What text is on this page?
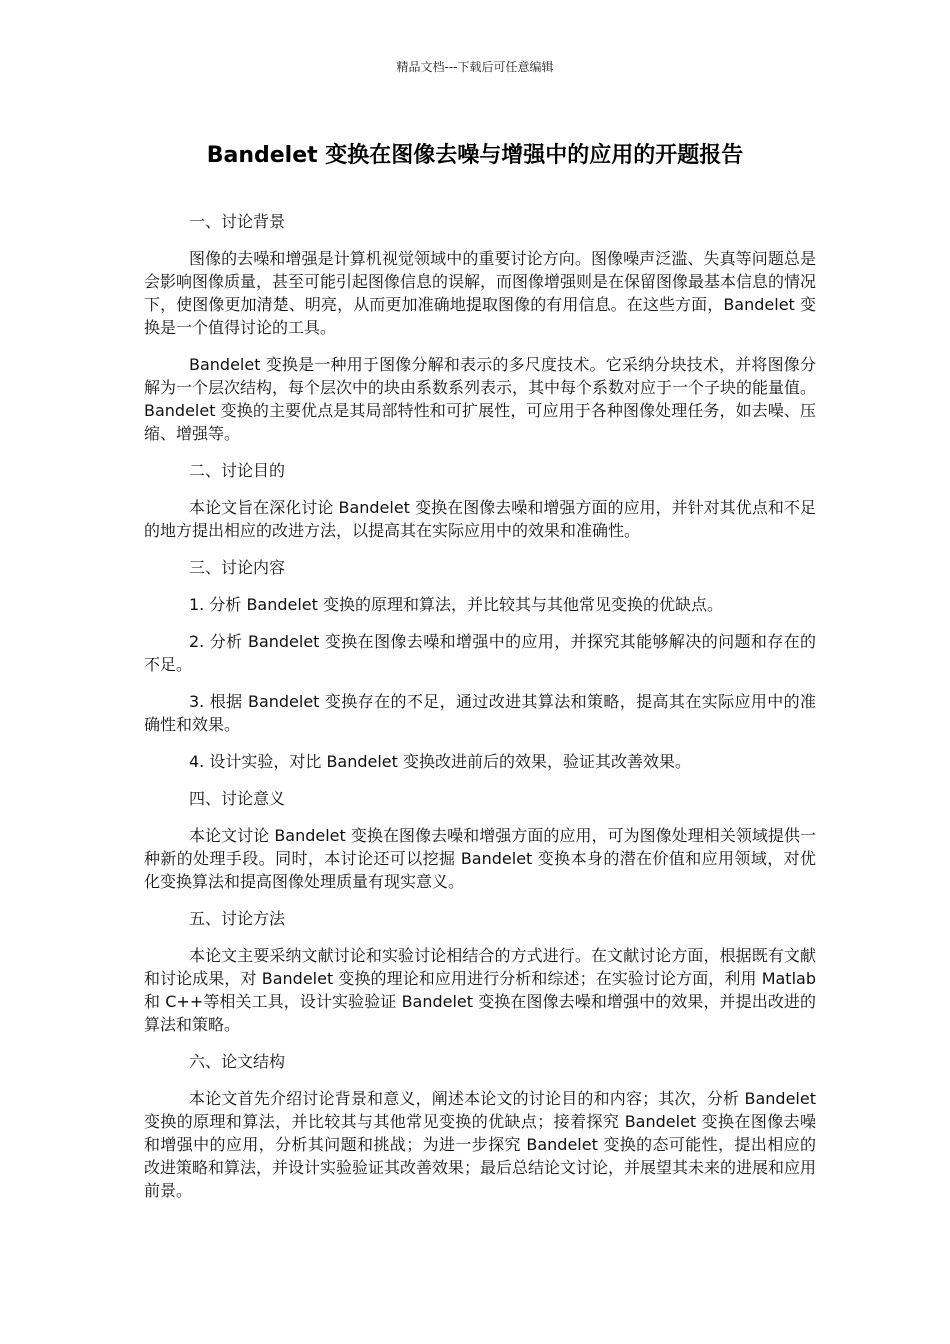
精品文档---下载后可任意编辑
Bandelet 变换在图像去噪与增强中的应用的开题报告

一、讨论背景

图像的去噪和增强是计算机视觉领域中的重要讨论方向。图像噪声泛滥、失真等问题总是会影响图像质量，甚至可能引起图像信息的误解，而图像增强则是在保留图像最基本信息的情况下，使图像更加清楚、明亮，从而更加准确地提取图像的有用信息。在这些方面，Bandelet 变换是一个值得讨论的工具。

Bandelet 变换是一种用于图像分解和表示的多尺度技术。它采纳分块技术，并将图像分解为一个层次结构，每个层次中的块由系数系列表示，其中每个系数对应于一个子块的能量值。Bandelet 变换的主要优点是其局部特性和可扩展性，可应用于各种图像处理任务，如去噪、压缩、增强等。

二、讨论目的

本论文旨在深化讨论 Bandelet 变换在图像去噪和增强方面的应用，并针对其优点和不足的地方提出相应的改进方法，以提高其在实际应用中的效果和准确性。

三、讨论内容

1. 分析 Bandelet 变换的原理和算法，并比较其与其他常见变换的优缺点。

2. 分析 Bandelet 变换在图像去噪和增强中的应用，并探究其能够解决的问题和存在的不足。

3. 根据 Bandelet 变换存在的不足，通过改进其算法和策略，提高其在实际应用中的准确性和效果。

4. 设计实验，对比 Bandelet 变换改进前后的效果，验证其改善效果。

四、讨论意义

本论文讨论 Bandelet 变换在图像去噪和增强方面的应用，可为图像处理相关领域提供一种新的处理手段。同时，本讨论还可以挖掘 Bandelet 变换本身的潜在价值和应用领域，对优化变换算法和提高图像处理质量有现实意义。

五、讨论方法

本论文主要采纳文献讨论和实验讨论相结合的方式进行。在文献讨论方面，根据既有文献和讨论成果，对 Bandelet 变换的理论和应用进行分析和综述；在实验讨论方面，利用 Matlab 和 C++等相关工具，设计实验验证 Bandelet 变换在图像去噪和增强中的效果，并提出改进的算法和策略。

六、论文结构

本论文首先介绍讨论背景和意义，阐述本论文的讨论目的和内容；其次，分析 Bandelet 变换的原理和算法，并比较其与其他常见变换的优缺点；接着探究 Bandelet 变换在图像去噪和增强中的应用，分析其问题和挑战；为进一步探究 Bandelet 变换的态可能性，提出相应的改进策略和算法，并设计实验验证其改善效果；最后总结论文讨论，并展望其未来的进展和应用前景。
